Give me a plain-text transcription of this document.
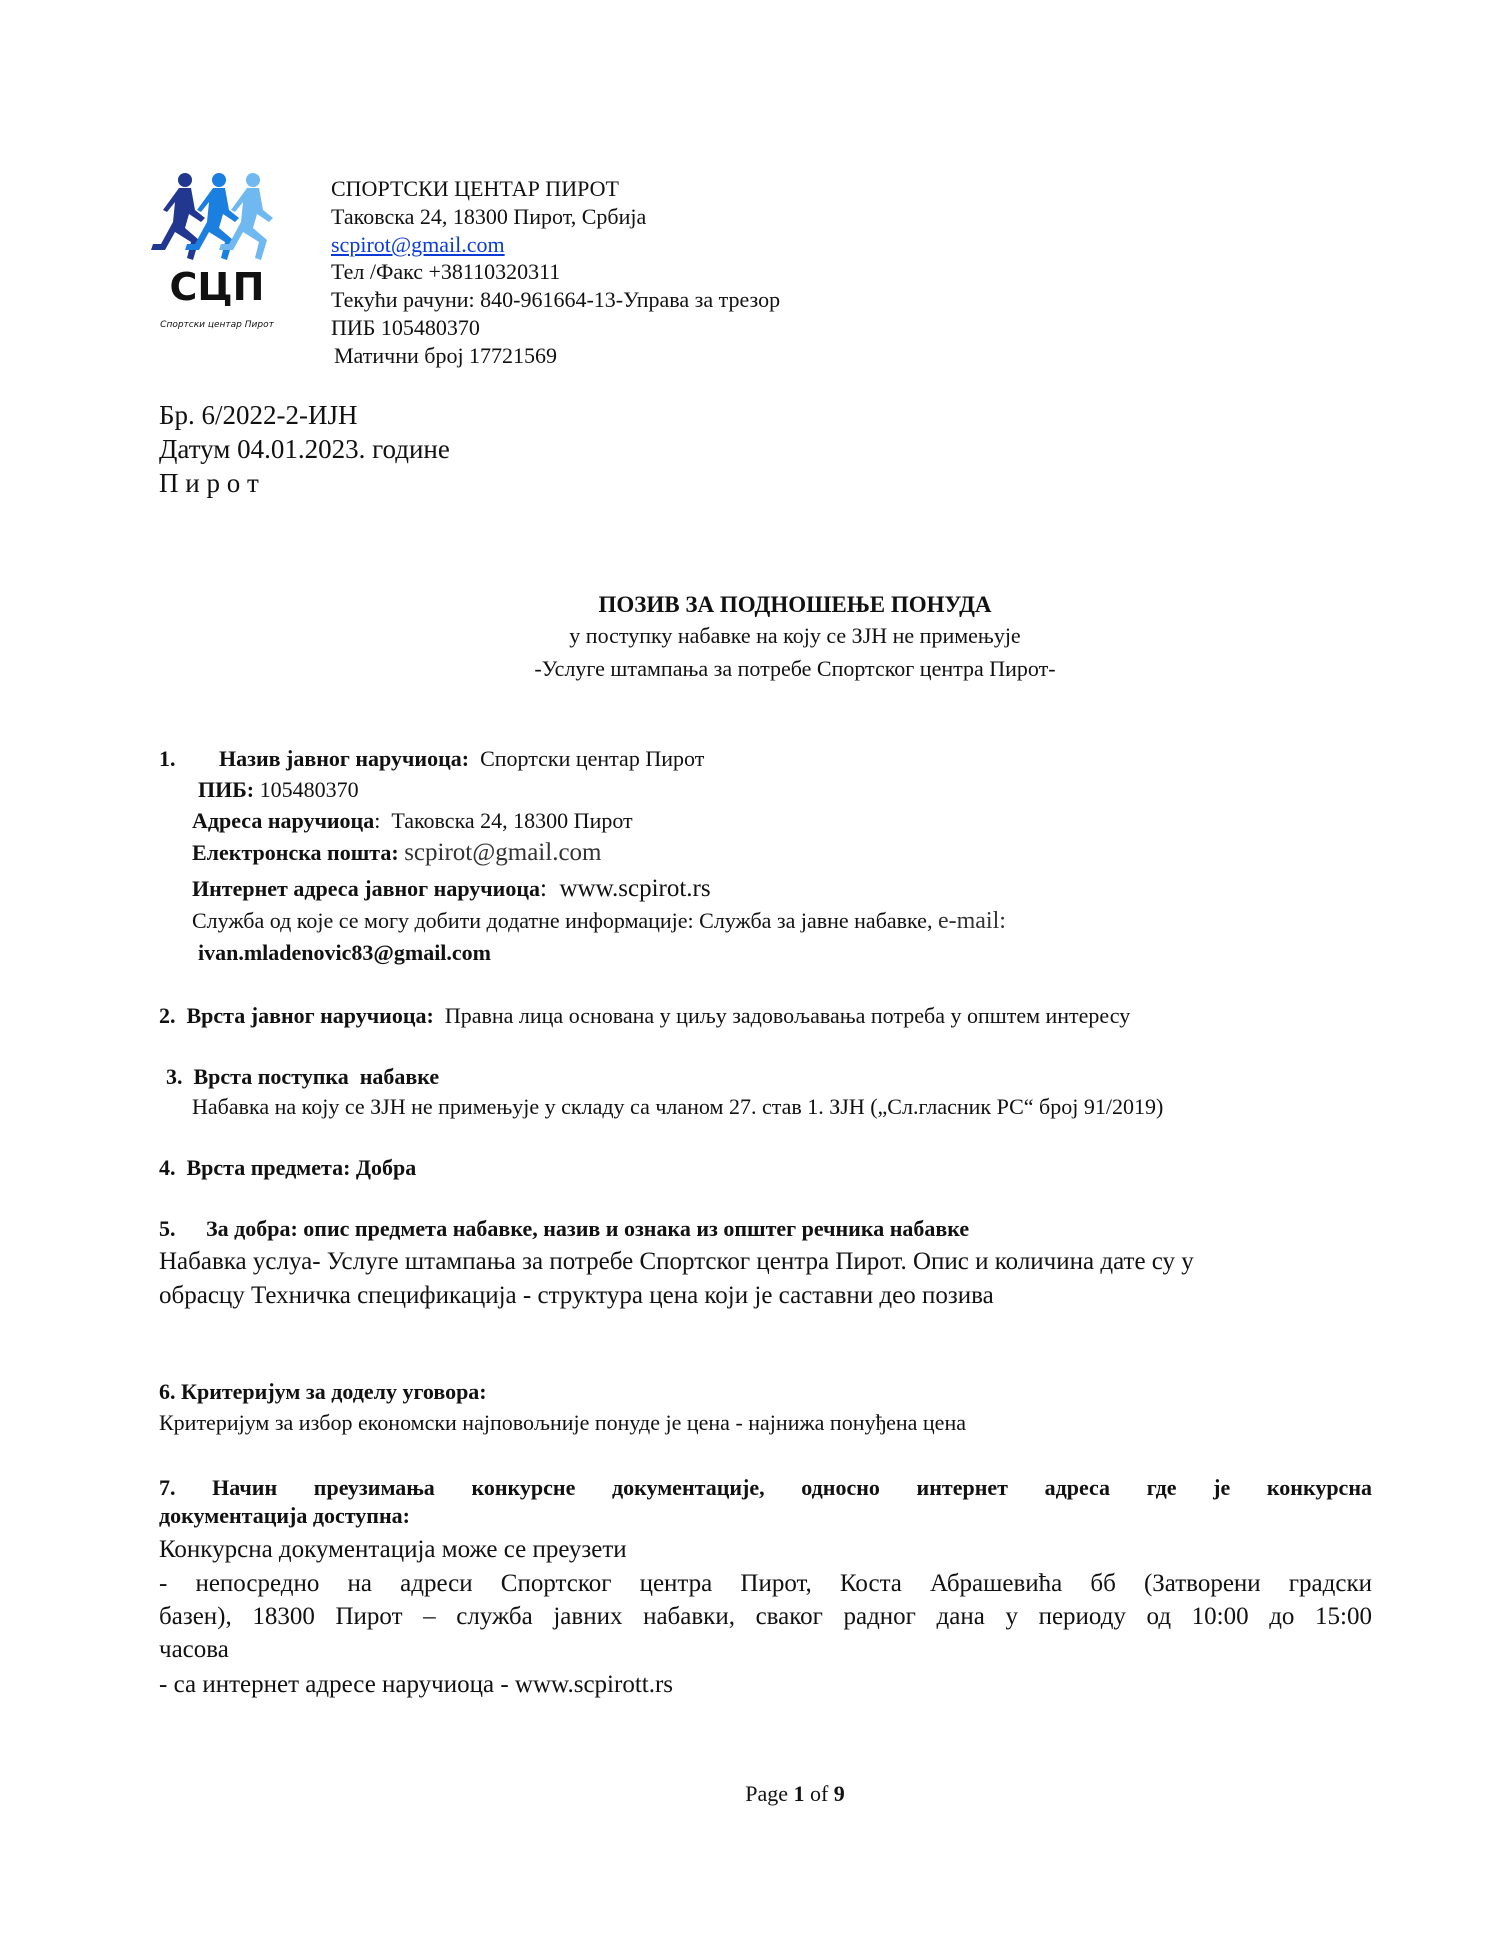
СЦП
Спортски центар Пирот
СПОРТСКИ ЦЕНТАР ПИРОТ
Таковска 24, 18300 Пирот, Србија
scpirot@gmail.com
Тел /Факс +38110320311
Текући рачуни: 840-961664-13-Управа за трезор
ПИБ 105480370
Матични број 17721569
Бр. 6/2022-2-ИЈН
Датум 04.01.2023. године
П и р о т
ПОЗИВ ЗА ПОДНОШЕЊЕ ПОНУДА
у поступку набавке на коју се ЗЈН не примењује
-Услуге штампања за потребе Спортског центра Пирот-
1. Назив јавног наручиоца: Спортски центар Пирот
ПИБ: 105480370
Адреса наручиоца:  Таковска 24, 18300 Пирот
Електронска пошта: scpirot@gmail.com
Интернет адреса јавног наручиоца:  www.scpirot.rs
Служба од које се могу добити додатне информације: Служба за јавне набавке, e-mail:
ivan.mladenovic83@gmail.com
2.  Врста јавног наручиоца: Правна лица основана у циљу задовољавања потреба у општем интересу
3.  Врста поступка  набавке
Набавка на коју се ЗЈН не примењује у складу са чланом 27. став 1. ЗЈН („Сл.гласник РС“ број 91/2019)
4.  Врста предмета: Добра
5. За добра: опис предмета набавке, назив и ознака из општег речника набавке
Набавка услуа- Услуге штампања за потребе Спортског центра Пирот. Опис и количина дате су у
обрасцу Техничка спецификација - структура цена који је саставни део позива
6. Критеријум за доделу уговора:
Критеријум за избор економски најповољније понуде је цена - најнижа понуђена цена
7. Начин преузимања конкурсне документације, односно интернет адреса где је конкурсна
документација доступна:
Конкурсна документација може се преузети
- непосредно на адреси Спортског центра Пирот, Коста Абрашевића бб (Затворени градски
базен), 18300 Пирот – служба јавних набавки, сваког радног дана у периоду од 10:00 до 15:00
часова
- са интернет адресе наручиоца - www.scpirott.rs
Page 1 of 9
